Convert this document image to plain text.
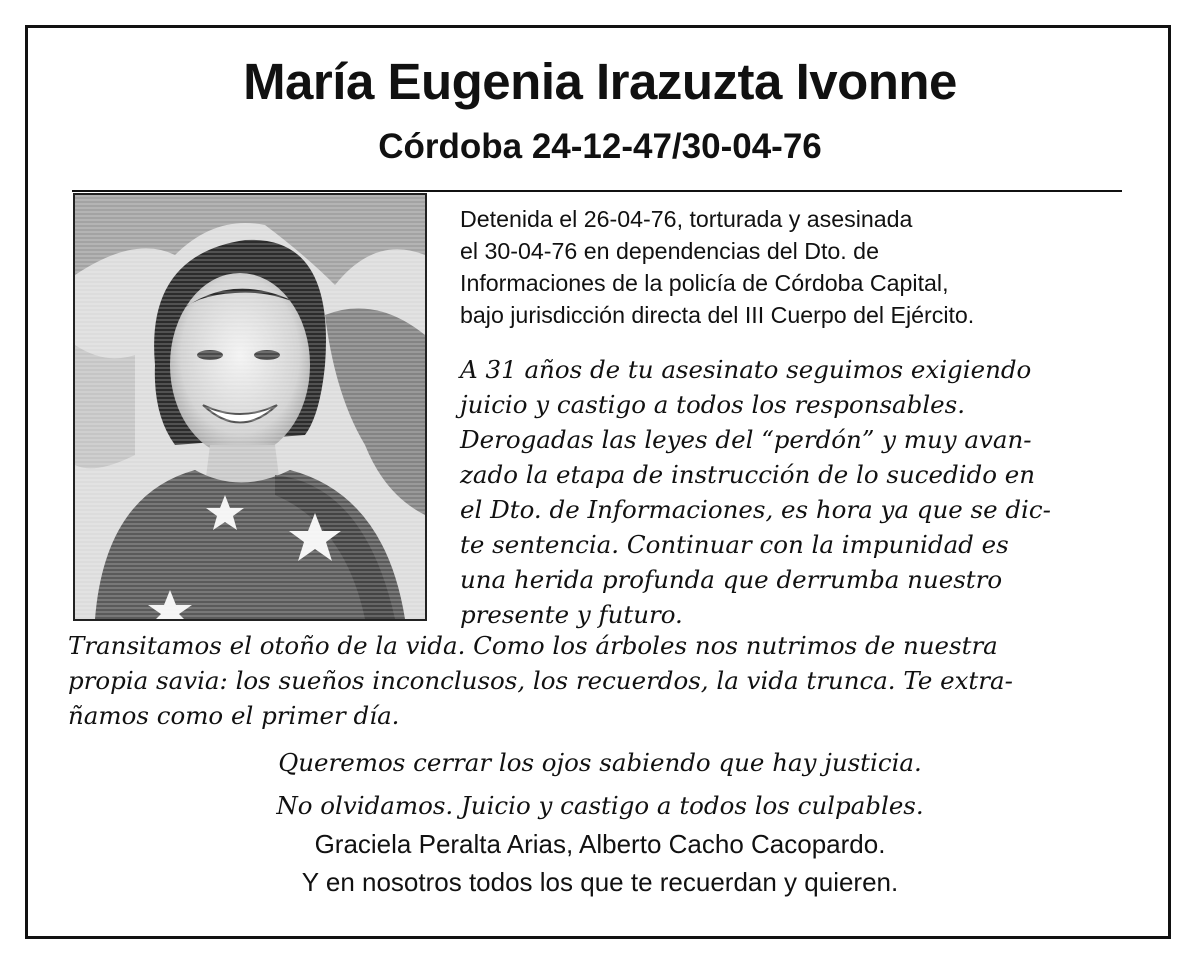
María Eugenia Irazuzta Ivonne
Córdoba 24-12-47/30-04-76
Detenida el 26-04-76, torturada y asesinada
el 30-04-76 en dependencias del Dto. de
Informaciones de la policía de Córdoba Capital,
bajo jurisdicción directa del III Cuerpo del Ejército.
A 31 años de tu asesinato seguimos exigiendo
juicio y castigo a todos los responsables.
Derogadas las leyes del “perdón” y muy avan-
zado la etapa de instrucción de lo sucedido en
el Dto. de Informaciones, es hora ya que se dic-
te sentencia. Continuar con la impunidad es
una herida profunda que derrumba nuestro
presente y futuro.
Transitamos el otoño de la vida. Como los árboles nos nutrimos de nuestra
propia savia: los sueños inconclusos, los recuerdos, la vida trunca. Te extra-
ñamos como el primer día.
Queremos cerrar los ojos sabiendo que hay justicia.
No olvidamos. Juicio y castigo a todos los culpables.
Graciela Peralta Arias, Alberto Cacho Cacopardo.
Y en nosotros todos los que te recuerdan y quieren.
